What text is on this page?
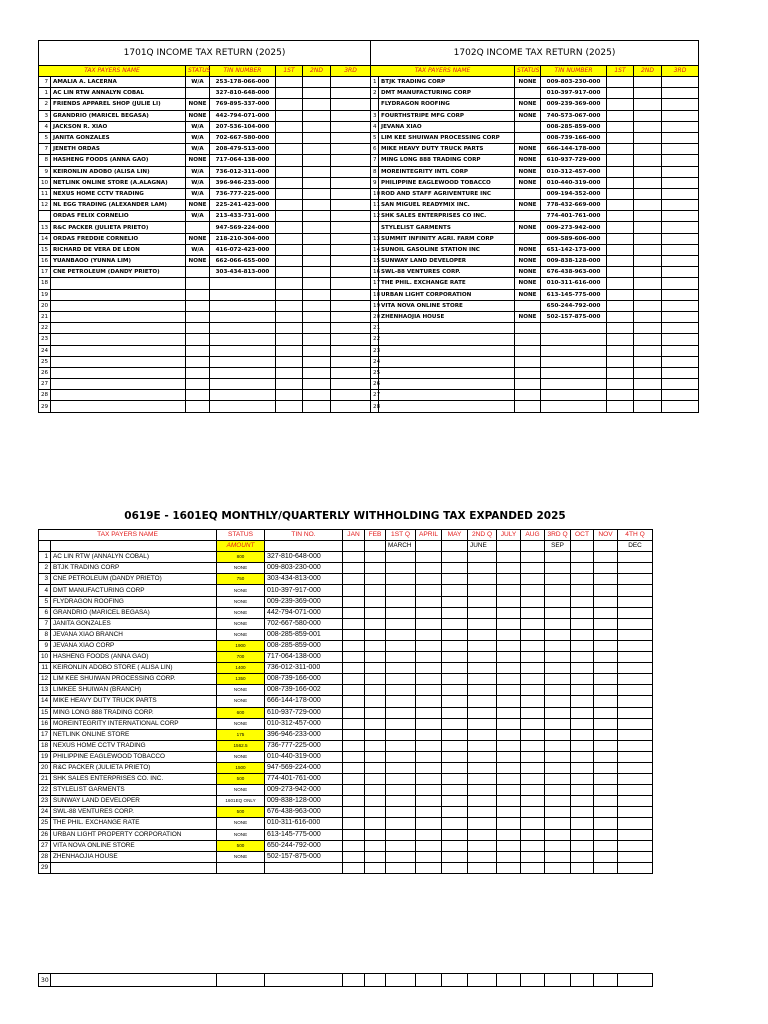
1701Q INCOME TAX RETURN (2025)							1702Q INCOME TAX RETURN (2025)						
TAX PAYERS NAME		STATUS	TIN NUMBER	1ST	2ND	3RD	TAX PAYERS NAME		STATUS	TIN NUMBER	1ST	2ND	3RD
7	AMALIA A. LACERNA	W/A	253-178-066-000				1	BTJK TRADING CORP	NONE	009-803-230-000			
1	AC LIN RTW ANNALYN COBAL		327-810-648-000				2	DMT MANUFACTURING CORP		010-397-917-000			
2	FRIENDS APPAREL SHOP (JULIE LI)	NONE	769-895-337-000					FLYDRAGON ROOFING	NONE	009-239-369-000			
3	GRANDRIO (MARICEL BEGASA)	NONE	442-794-071-000				3	FOURTHSTRIPE MFG CORP	NONE	740-573-067-000			
4	JACKSON R. XIAO	W/A	207-536-104-000				4	JEVANA XIAO		008-285-859-000			
5	JANITA GONZALES	W/A	702-667-580-000				5	LIM KEE SHUIWAN PROCESSING CORP		008-739-166-000			
7	JENETH ORDAS	W/A	208-479-513-000				6	MIKE HEAVY DUTY TRUCK PARTS	NONE	666-144-178-000			
8	HASHENG FOODS (ANNA GAO)	NONE	717-064-138-000				7	MING LONG 888 TRADING CORP	NONE	610-937-729-000			
9	KEIRONLIN ADOBO (ALISA LIN)	W/A	736-012-311-000				8	MOREINTEGRITY INTL CORP	NONE	010-312-457-000			
10	NETLINK ONLINE STORE (A.ALAGNA)	W/A	396-946-233-000				9	PHILIPPINE EAGLEWOOD TOBACCO	NONE	010-440-319-000			
11	NEXUS HOME CCTV TRADING	W/A	736-777-225-000				10	ROD AND STAFF AGRIVENTURE INC		009-194-352-000			
12	NL EGG TRADING (ALEXANDER LAM)	NONE	225-241-423-000				11	SAN MIGUEL READYMIX INC.	NONE	778-432-669-000			
	ORDAS FELIX CORNELIO	W/A	213-433-731-000				12	SHK SALES ENTERPRISES CO INC.		774-401-761-000			
13	R&C PACKER (JULIETA PRIETO)		947-569-224-000					STYLELIST GARMENTS	NONE	009-273-942-000			
14	ORDAS FREDDIE CORNELIO	NONE	218-210-304-000				13	SUMMIT INFINITY AGRI. FARM CORP		009-589-606-000			
15	RICHARD DE VERA DE LEON	W/A	416-072-423-000				14	SUNOIL GASOLINE STATION INC	NONE	651-142-173-000			
16	YUANBAOO (YUNNA LIM)	NONE	662-066-655-000				15	SUNWAY LAND DEVELOPER	NONE	009-838-128-000			
17	CNE PETROLEUM (DANDY PRIETO)		303-434-813-000				16	SWL-88 VENTURES CORP.	NONE	676-438-963-000			
18							17	THE PHIL. EXCHANGE RATE	NONE	010-311-616-000			
19							18	URBAN LIGHT CORPORATION	NONE	613-145-775-000			
20							19	VITA NOVA ONLINE STORE		650-244-792-000			
21							20	ZHENHAOJIA HOUSE	NONE	502-157-875-000			
22							21						
23							22						
24							23						
25							24						
26							25						
27							26						
28							27						
29							28						
0619E - 1601EQ MONTHLY/QUARTERLY WITHHOLDING TAX EXPANDED 2025
TAX PAYERS NAME		STATUS	TIN NO.	JAN	FEB	1ST Q	APRIL	MAY	2ND Q	JULY	AUG	3RD Q	OCT	NOV	4TH Q
		AMOUNT				MARCH			JUNE			SEP			DEC
1	AC LIN RTW (ANNALYN COBAL)	800	327-810-648-000												
2	BTJK TRADING CORP	NONE	009-803-230-000												
3	CNE PETROLEUM (DANDY PRIETO)	750	303-434-813-000												
4	DMT MANUFACTURING CORP	NONE	010-397-917-000												
5	FLYDRAGON ROOFING	NONE	009-239-369-000												
6	GRANDRIO (MARICEL BEGASA)	NONE	442-794-071-000												
7	JANITA GONZALES	NONE	702-667-580-000												
8	JEVANA XIAO BRANCH	NONE	008-285-859-001												
9	JEVANA XIAO CORP	1900	008-285-859-000												
10	HASHENG FOODS (ANNA GAO)	700	717-064-138-000												
11	KEIRONLIN ADOBO STORE ( ALISA LIN)	1400	736-012-311-000												
12	LIM KEE SHUIWAN PROCESSING CORP.	1350	008-739-166-000												
13	LIMKEE SHUIWAN (BRANCH)	NONE	008-739-166-002												
14	MIKE HEAVY DUTY TRUCK PARTS	NONE	666-144-178-000												
15	MING LONG 888 TRADING CORP.	600	610-937-729-000												
16	MOREINTEGRITY INTERNATIONAL CORP	NONE	010-312-457-000												
17	NETLINK ONLINE STORE	175	396-946-233-000												
18	NEXUS HOME CCTV TRADING	1562.5	736-777-225-000												
19	PHILIPPINE EAGLEWOOD TOBACCO	NONE	010-440-319-000												
20	R&C PACKER (JULIETA PRIETO)	1500	947-569-224-000												
21	SHK SALES ENTERPRISES CO. INC.	500	774-401-761-000												
22	STYLELIST GARMENTS	NONE	009-273-942-000												
23	SUNWAY LAND DEVELOPER	1601EQ ONLY	009-838-128-000												
24	SWL-88 VENTURES CORP.	500	676-438-963-000												
25	THE PHIL. EXCHANGE RATE	NONE	010-311-616-000												
26	URBAN LIGHT PROPERTY CORPORATION	NONE	613-145-775-000												
27	VITA NOVA ONLINE STORE	500	650-244-792-000												
28	ZHENHAOJIA HOUSE	NONE	502-157-875-000												
29															
30															
